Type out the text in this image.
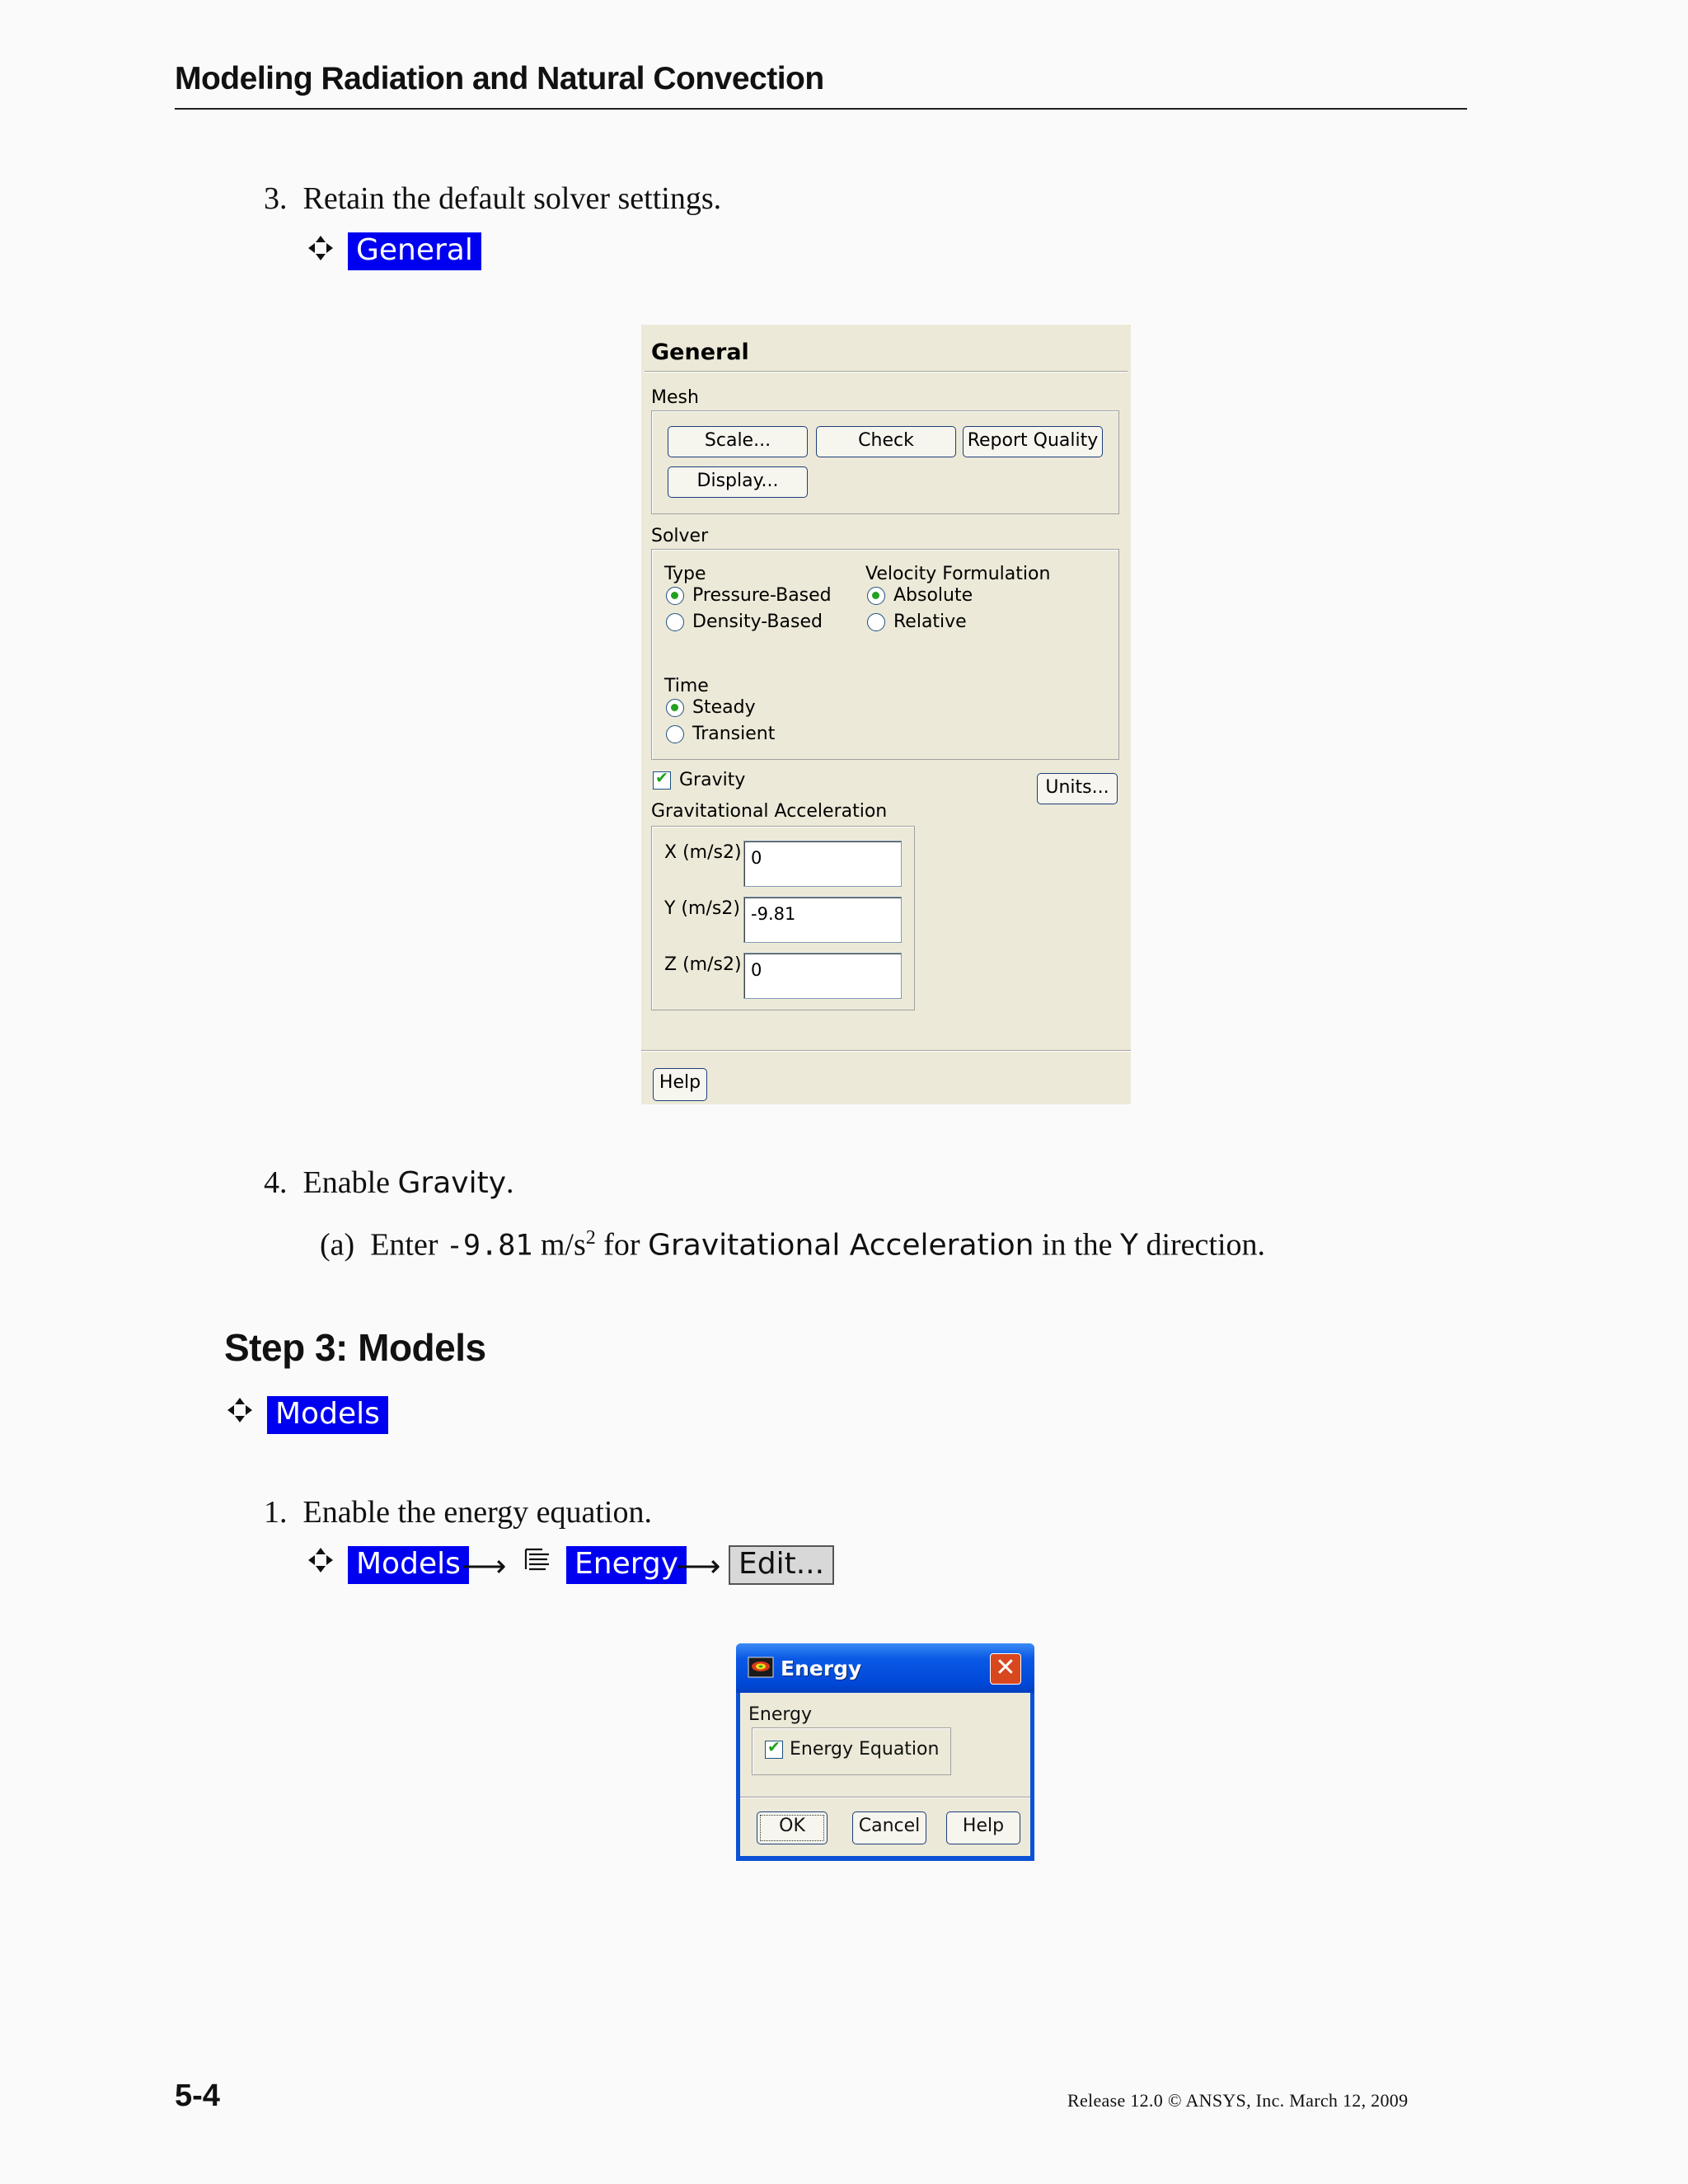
Modeling Radiation and Natural Convection
3. Retain the default solver settings.
General
General
Mesh
Scale...	Check	Report Quality
Display...
Solver
Type
Pressure-Based
Density-Based
Velocity Formulation
Absolute
Relative
Time
Steady
Transient
✔
Gravity	Units...
Gravitational Acceleration
X (m/s2) 0
Y (m/s2) -9.81
Z (m/s2) 0
Help
4. Enable Gravity.
(a) Enter -9.81 $m/s^2$ for Gravitational Acceleration in the Y direction.
Step 3: Models
Models
1. Enable the energy equation.
Models ⟶ Energy
⟶ Edit...
Energy	✕
Energy
✔
Energy Equation
OK	Cancel	Help
5-4	Release 12.0 © ANSYS, Inc. March 12, 2009
